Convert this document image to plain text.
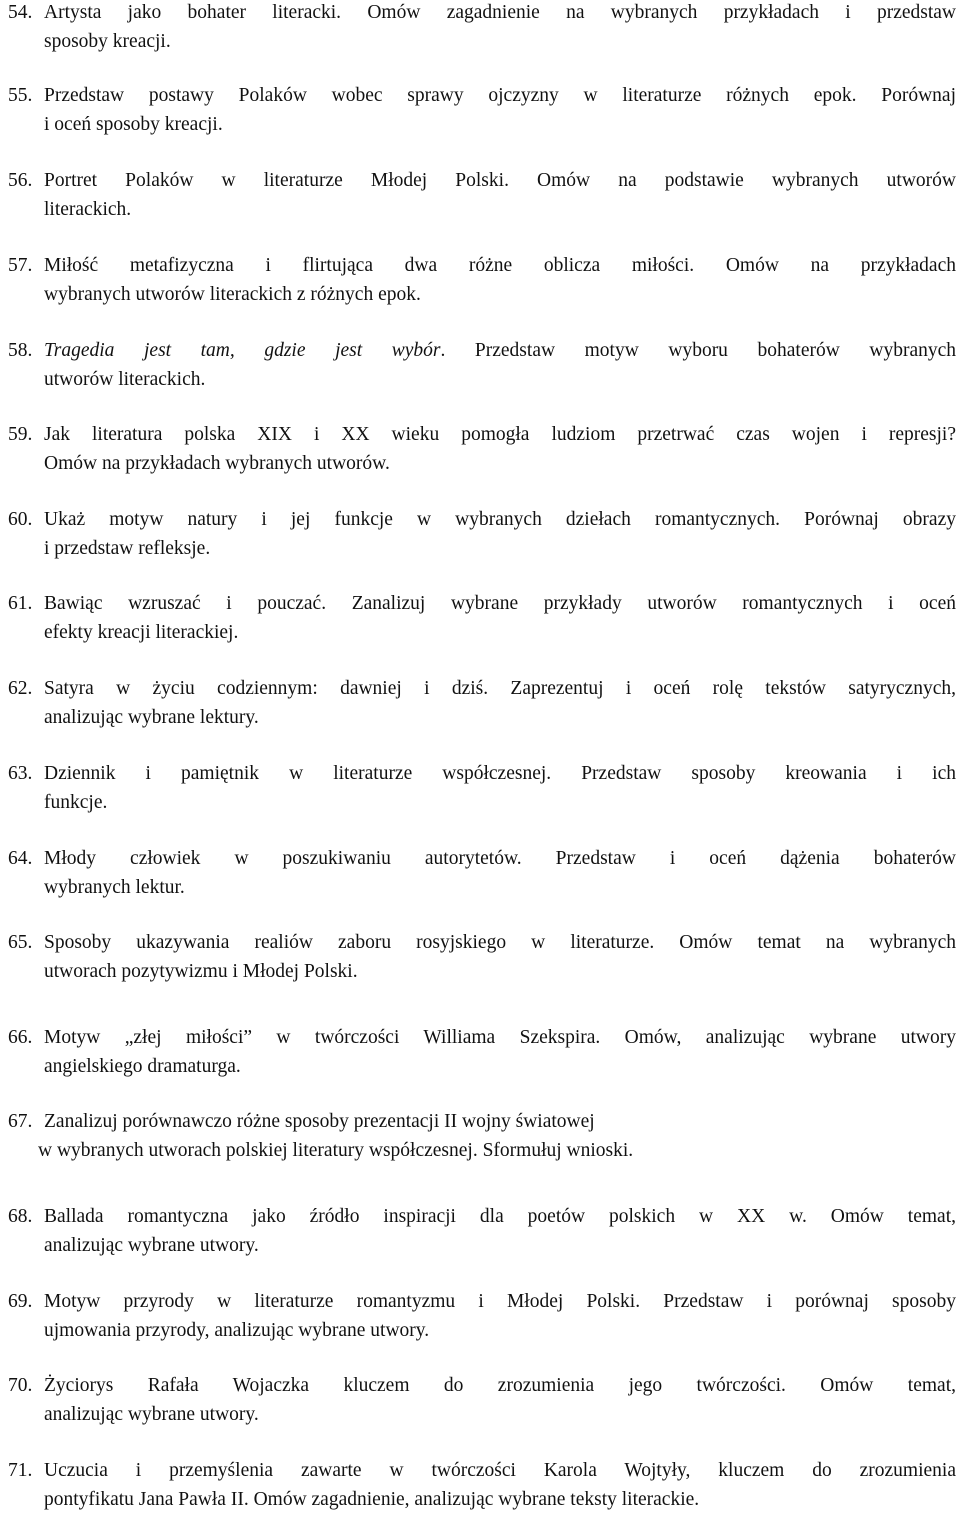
54. Artysta jako bohater literacki. Omów zagadnienie na wybranych przykładach i przedstaw
sposoby kreacji.
55. Przedstaw postawy Polaków wobec sprawy ojczyzny w literaturze różnych epok. Porównaj
i oceń sposoby kreacji.
56. Portret Polaków w literaturze Młodej Polski. Omów na podstawie wybranych utworów
literackich.
57. Miłość metafizyczna i flirtująca dwa różne oblicza miłości. Omów na przykładach
wybranych utworów literackich z różnych epok.
58. Tragedia jest tam, gdzie jest wybór. Przedstaw motyw wyboru bohaterów wybranych
utworów literackich.
59. Jak literatura polska XIX i XX wieku pomogła ludziom przetrwać czas wojen i represji?
Omów na przykładach wybranych utworów.
60. Ukaż motyw natury i jej funkcje w wybranych dziełach romantycznych. Porównaj obrazy
i przedstaw refleksje.
61. Bawiąc wzruszać i pouczać. Zanalizuj wybrane przykłady utworów romantycznych i oceń
efekty kreacji literackiej.
62. Satyra w życiu codziennym: dawniej i dziś. Zaprezentuj i oceń rolę tekstów satyrycznych,
analizując wybrane lektury.
63. Dziennik i pamiętnik w literaturze współczesnej. Przedstaw sposoby kreowania i ich
funkcje.
64. Młody człowiek w poszukiwaniu autorytetów. Przedstaw i oceń dążenia bohaterów
wybranych lektur.
65. Sposoby ukazywania realiów zaboru rosyjskiego w literaturze. Omów temat na wybranych
utworach pozytywizmu i Młodej Polski.
66. Motyw „złej miłości” w twórczości Williama Szekspira. Omów, analizując wybrane utwory
angielskiego dramaturga.
67. Zanalizuj porównawczo różne sposoby prezentacji II wojny światowej
w wybranych utworach polskiej literatury współczesnej. Sformułuj wnioski.
68. Ballada romantyczna jako źródło inspiracji dla poetów polskich w XX w. Omów temat,
analizując wybrane utwory.
69. Motyw przyrody w literaturze romantyzmu i Młodej Polski. Przedstaw i porównaj sposoby
ujmowania przyrody, analizując wybrane utwory.
70. Życiorys Rafała Wojaczka kluczem do zrozumienia jego twórczości. Omów temat,
analizując wybrane utwory.
71. Uczucia i przemyślenia zawarte w twórczości Karola Wojtyły, kluczem do zrozumienia
pontyfikatu Jana Pawła II. Omów zagadnienie, analizując wybrane teksty literackie.
